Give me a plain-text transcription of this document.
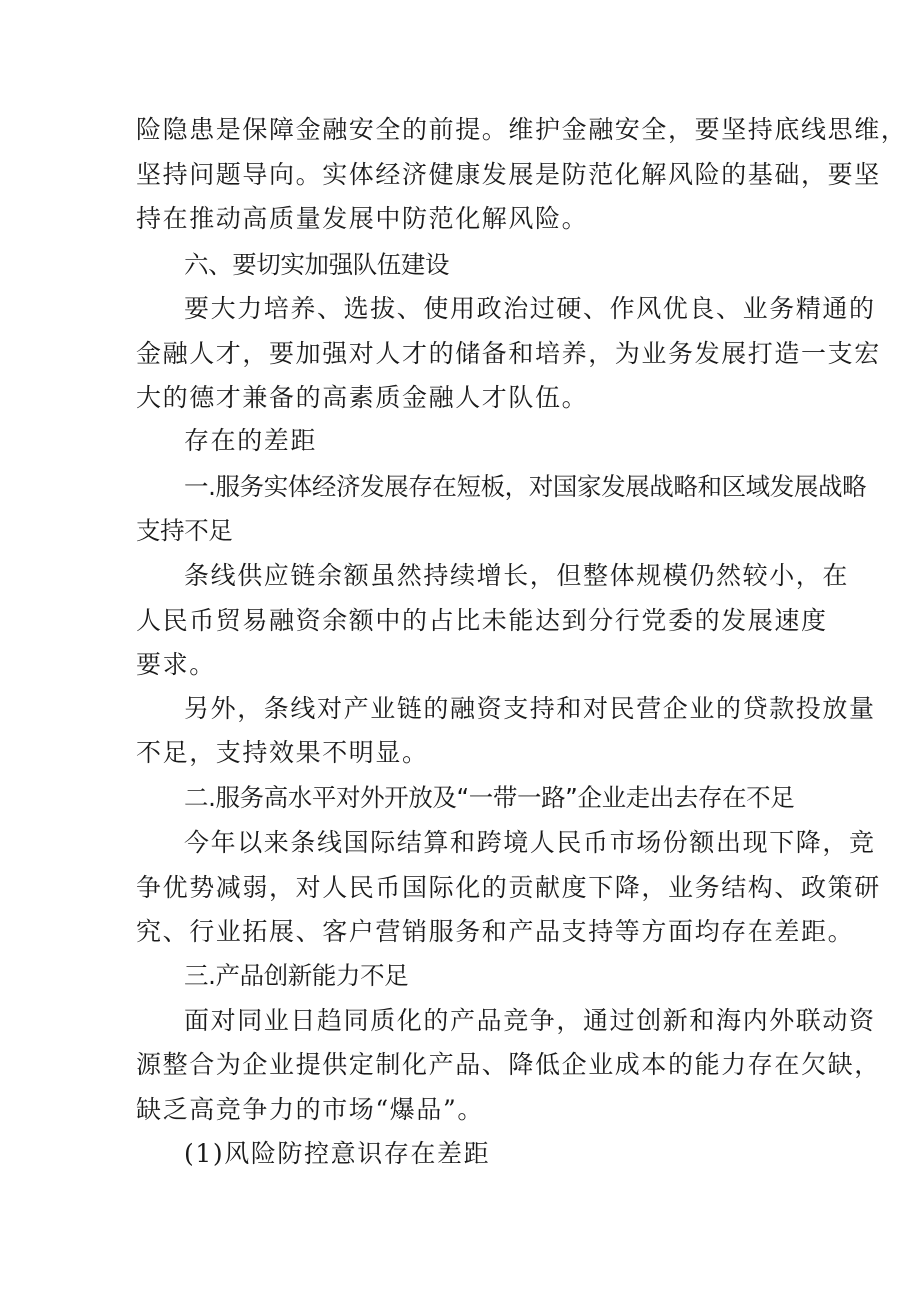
险隐患是保障金融安全的前提。维护金融安全，要坚持底线思维，
坚持问题导向。实体经济健康发展是防范化解风险的基础，要坚
持在推动高质量发展中防范化解风险。
六、要切实加强队伍建设
要大力培养、选拔、使用政治过硬、作风优良、业务精通的
金融人才，要加强对人才的储备和培养，为业务发展打造一支宏
大的德才兼备的高素质金融人才队伍。
存在的差距
一.服务实体经济发展存在短板，对国家发展战略和区域发展战略
支持不足
条线供应链余额虽然持续增长，但整体规模仍然较小，在
人民币贸易融资余额中的占比未能达到分行党委的发展速度
要求。
另外，条线对产业链的融资支持和对民营企业的贷款投放量
不足，支持效果不明显。
二.服务高水平对外开放及“一带一路”企业走出去存在不足
今年以来条线国际结算和跨境人民币市场份额出现下降，竞
争优势减弱，对人民币国际化的贡献度下降，业务结构、政策研
究、行业拓展、客户营销服务和产品支持等方面均存在差距。
三.产品创新能力不足
面对同业日趋同质化的产品竞争，通过创新和海内外联动资
源整合为企业提供定制化产品、降低企业成本的能力存在欠缺，
缺乏高竞争力的市场“爆品”。
(1)风险防控意识存在差距
